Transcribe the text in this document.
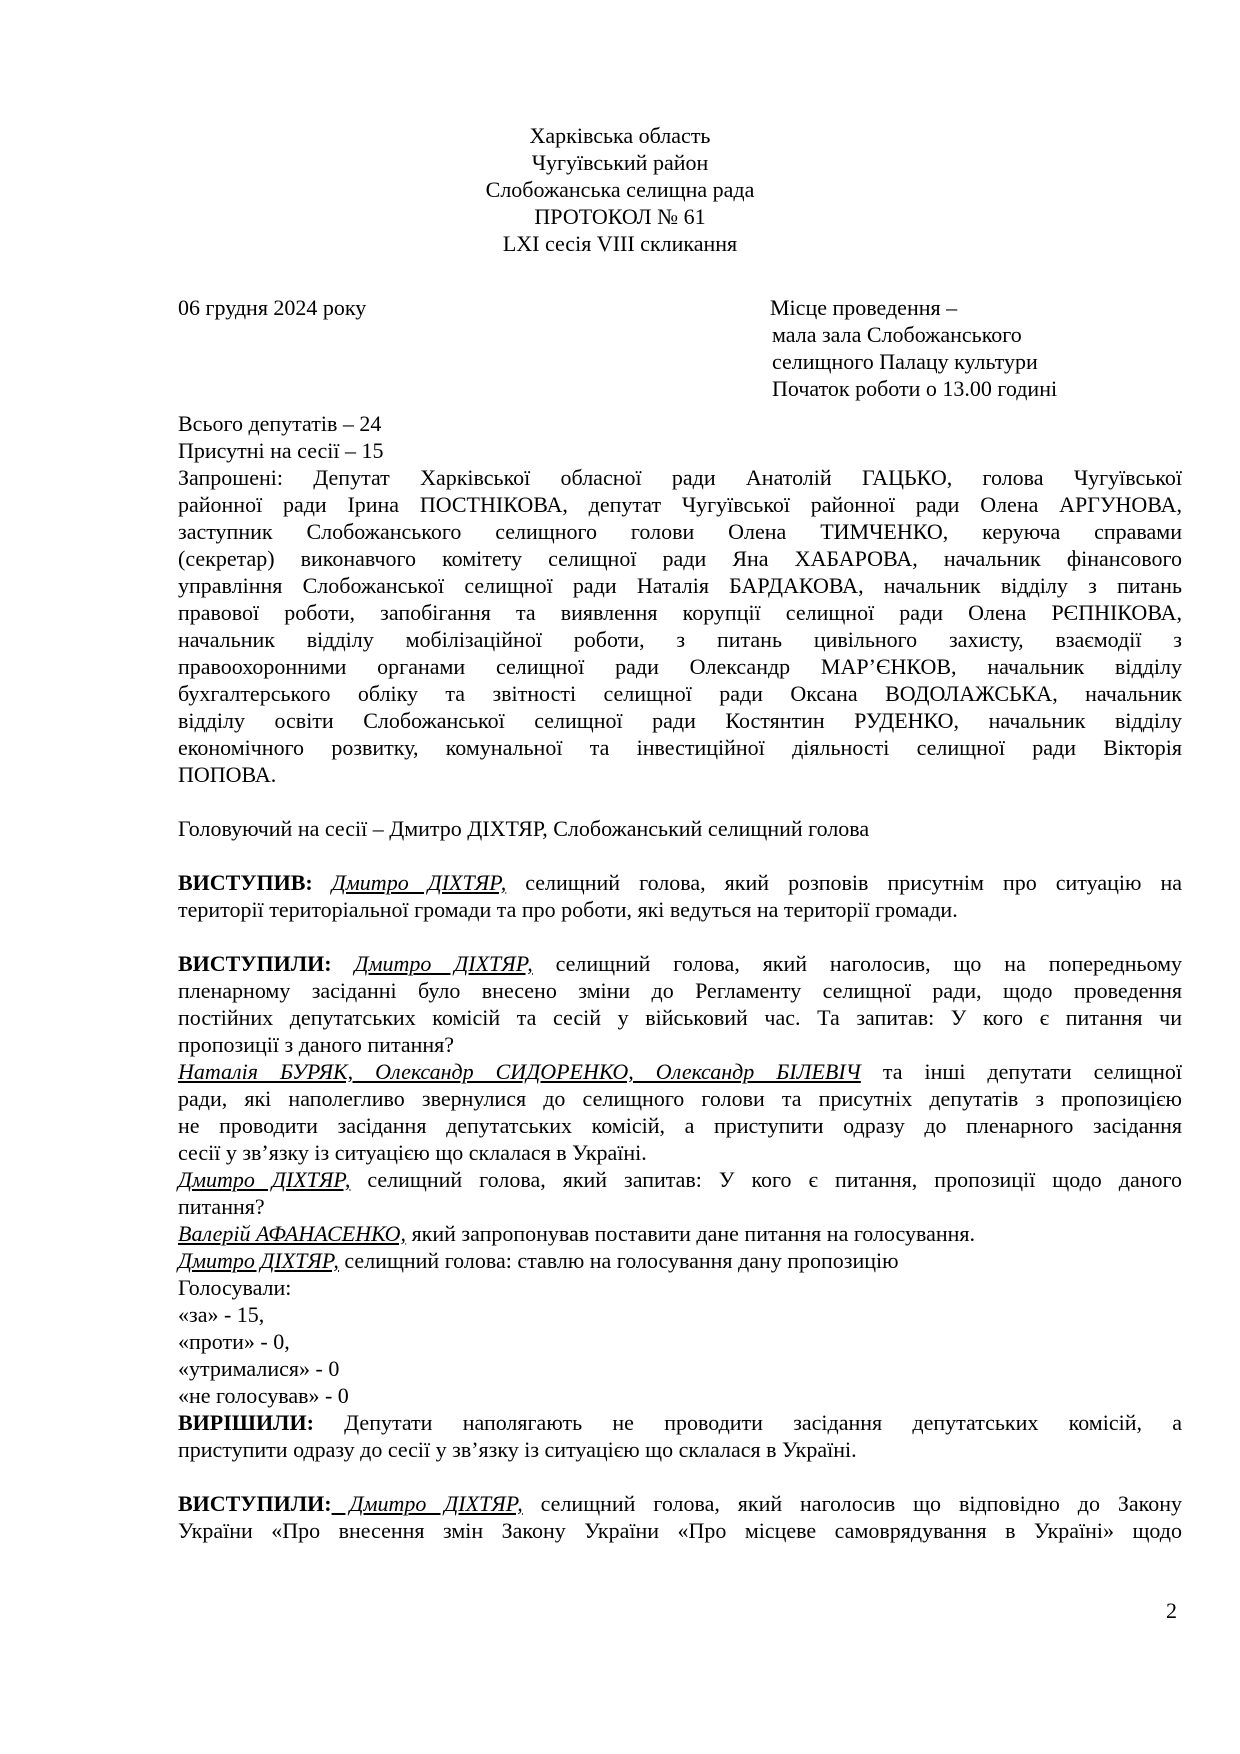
Харківська область
Чугуївський район
Слобожанська селищна рада
ПРОТОКОЛ № 61
LXI сесія VIII скликання
06 грудня 2024 року	Місце проведення –
мала зала Слобожанського
селищного Палацу культури
Початок роботи о 13.00 годині
Всього депутатів – 24
Присутні на сесії – 15
Запрошені: Депутат Харківської обласної ради Анатолій ГАЦЬКО, голова Чугуївської
районної ради Ірина ПОСТНІКОВА, депутат Чугуївської районної ради Олена АРГУНОВА,
заступник Слобожанського селищного голови Олена ТИМЧЕНКО, керуюча справами
(секретар) виконавчого комітету селищної ради Яна ХАБАРОВА, начальник фінансового
управління Слобожанської селищної ради Наталія БАРДАКОВА, начальник відділу з питань
правової роботи, запобігання та виявлення корупції селищної ради Олена РЄПНІКОВА,
начальник відділу мобілізаційної роботи, з питань цивільного захисту, взаємодії з
правоохоронними органами селищної ради Олександр МАР’ЄНКОВ, начальник відділу
бухгалтерського обліку та звітності селищної ради Оксана ВОДОЛАЖСЬКА, начальник
відділу освіти Слобожанської селищної ради Костянтин РУДЕНКО, начальник відділу
економічного розвитку, комунальної та інвестиційної діяльності селищної ради Вікторія
ПОПОВА.
Головуючий на сесії – Дмитро ДІХТЯР, Слобожанський селищний голова
ВИСТУПИВ: Дмитро ДІХТЯР, селищний голова, який розповів присутнім про ситуацію на
території територіальної громади та про роботи, які ведуться на території громади.
ВИСТУПИЛИ: Дмитро ДІХТЯР, селищний голова, який наголосив, що на попередньому
пленарному засіданні було внесено зміни до Регламенту селищної ради, щодо проведення
постійних депутатських комісій та сесій у військовий час. Та запитав: У кого є питання чи
пропозиції з даного питання?
Наталія БУРЯК, Олександр СИДОРЕНКО, Олександр БІЛЕВІЧ та інші депутати селищної
ради, які наполегливо звернулися до селищного голови та присутніх депутатів з пропозицією
не проводити засідання депутатських комісій, а приступити одразу до пленарного засідання
сесії у зв’язку із ситуацією що склалася в Україні.
Дмитро ДІХТЯР, селищний голова, який запитав: У кого є питання, пропозиції щодо даного
питання?
Валерій АФАНАСЕНКО, який запропонував поставити дане питання на голосування.
Дмитро ДІХТЯР, селищний голова: ставлю на голосування дану пропозицію
Голосували:
«за» - 15,
«проти» - 0,
«утрималися» - 0
«не голосував» - 0
ВИРІШИЛИ: Депутати наполягають не проводити засідання депутатських комісій, а
приступити одразу до сесії у зв’язку із ситуацією що склалася в Україні.
ВИСТУПИЛИ: Дмитро ДІХТЯР, селищний голова, який наголосив що відповідно до Закону
України «Про внесення змін Закону України «Про місцеве самоврядування в Україні» щодо
2
